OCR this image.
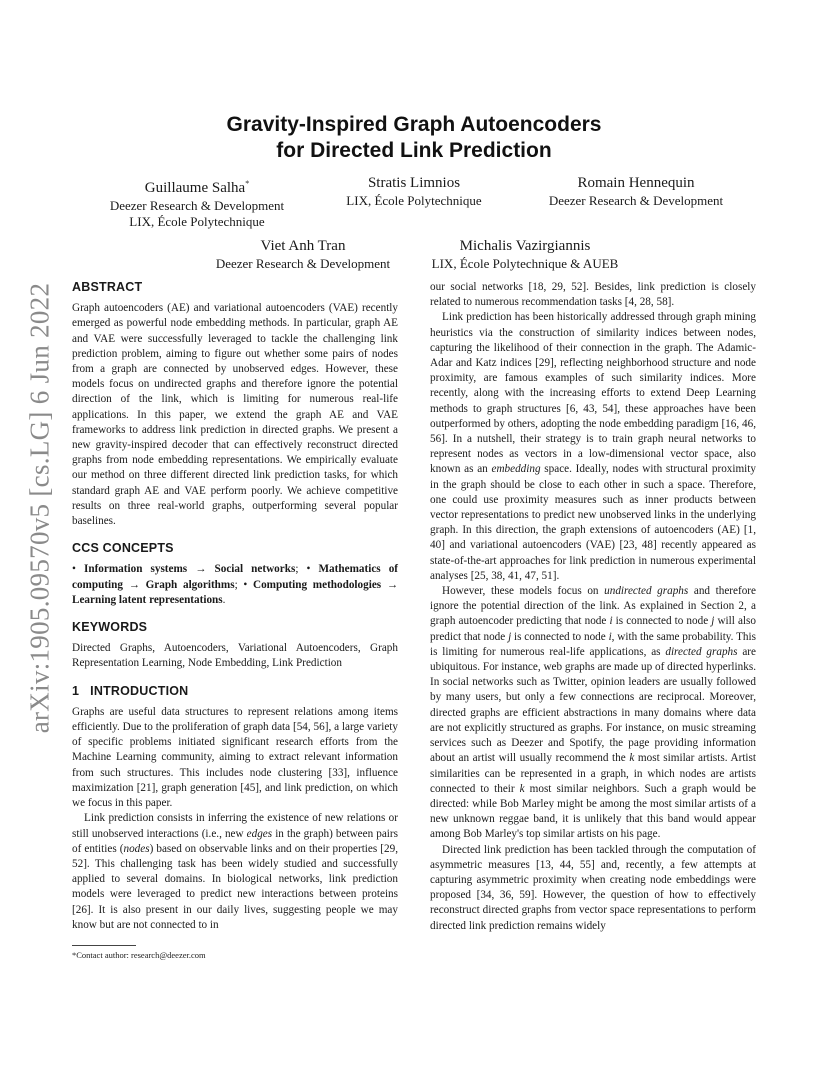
arXiv:1905.09570v5 [cs.LG] 6 Jun 2022
Gravity-Inspired Graph Autoencoders
for Directed Link Prediction
Guillaume Salha*
Deezer Research & Development
LIX, École Polytechnique
Stratis Limnios
LIX, École Polytechnique
Romain Hennequin
Deezer Research & Development
Viet Anh Tran
Deezer Research & Development
Michalis Vazirgiannis
LIX, École Polytechnique & AUEB
ABSTRACT

Graph autoencoders (AE) and variational autoencoders (VAE) recently emerged as powerful node embedding methods. In particular, graph AE and VAE were successfully leveraged to tackle the challenging link prediction problem, aiming to figure out whether some pairs of nodes from a graph are connected by unobserved edges. However, these models focus on undirected graphs and therefore ignore the potential direction of the link, which is limiting for numerous real-life applications. In this paper, we extend the graph AE and VAE frameworks to address link prediction in directed graphs. We present a new gravity-inspired decoder that can effectively reconstruct directed graphs from node embedding representations. We empirically evaluate our method on three different directed link prediction tasks, for which standard graph AE and VAE perform poorly. We achieve competitive results on three real-world graphs, outperforming several popular baselines.

CCS CONCEPTS

• Information systems → Social networks; • Mathematics of computing → Graph algorithms; • Computing methodologies → Learning latent representations.

KEYWORDS

Directed Graphs, Autoencoders, Variational Autoencoders, Graph Representation Learning, Node Embedding, Link Prediction

1   INTRODUCTION

Graphs are useful data structures to represent relations among items efficiently. Due to the proliferation of graph data [54, 56], a large variety of specific problems initiated significant research efforts from the Machine Learning community, aiming to extract relevant information from such structures. This includes node clustering [33], influence maximization [21], graph generation [45], and link prediction, on which we focus in this paper.

Link prediction consists in inferring the existence of new relations or still unobserved interactions (i.e., new edges in the graph) between pairs of entities (nodes) based on observable links and on their properties [29, 52]. This challenging task has been widely studied and successfully applied to several domains. In biological networks, link prediction models were leveraged to predict new interactions between proteins [26]. It is also present in our daily lives, suggesting people we may know but are not connected to in

our social networks [18, 29, 52]. Besides, link prediction is closely related to numerous recommendation tasks [4, 28, 58].

Link prediction has been historically addressed through graph mining heuristics via the construction of similarity indices between nodes, capturing the likelihood of their connection in the graph. The Adamic-Adar and Katz indices [29], reflecting neighborhood structure and node proximity, are famous examples of such similarity indices. More recently, along with the increasing efforts to extend Deep Learning methods to graph structures [6, 43, 54], these approaches have been outperformed by others, adopting the node embedding paradigm [16, 46, 56]. In a nutshell, their strategy is to train graph neural networks to represent nodes as vectors in a low-dimensional vector space, also known as an embedding space. Ideally, nodes with structural proximity in the graph should be close to each other in such a space. Therefore, one could use proximity measures such as inner products between vector representations to predict new unobserved links in the underlying graph. In this direction, the graph extensions of autoencoders (AE) [1, 40] and variational autoencoders (VAE) [23, 48] recently appeared as state-of-the-art approaches for link prediction in numerous experimental analyses [25, 38, 41, 47, 51].

However, these models focus on undirected graphs and therefore ignore the potential direction of the link. As explained in Section 2, a graph autoencoder predicting that node i is connected to node j will also predict that node j is connected to node i, with the same probability. This is limiting for numerous real-life applications, as directed graphs are ubiquitous. For instance, web graphs are made up of directed hyperlinks. In social networks such as Twitter, opinion leaders are usually followed by many users, but only a few connections are reciprocal. Moreover, directed graphs are efficient abstractions in many domains where data are not explicitly structured as graphs. For instance, on music streaming services such as Deezer and Spotify, the page providing information about an artist will usually recommend the k most similar artists. Artist similarities can be represented in a graph, in which nodes are artists connected to their k most similar neighbors. Such a graph would be directed: while Bob Marley might be among the most similar artists of a new unknown reggae band, it is unlikely that this band would appear among Bob Marley's top similar artists on his page.

Directed link prediction has been tackled through the computation of asymmetric measures [13, 44, 55] and, recently, a few attempts at capturing asymmetric proximity when creating node embeddings were proposed [34, 36, 59]. However, the question of how to effectively reconstruct directed graphs from vector space representations to perform directed link prediction remains widely

*Contact author: research@deezer.com
